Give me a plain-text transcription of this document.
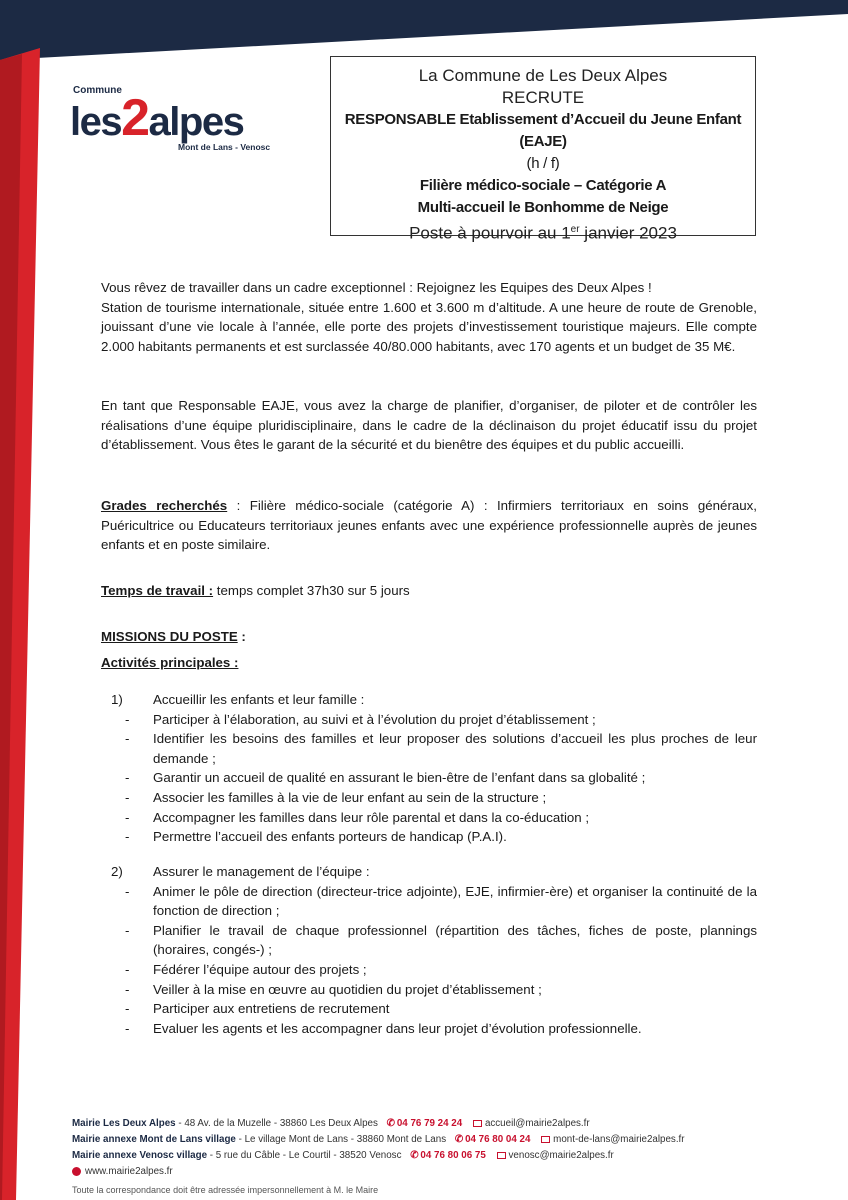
Commune
les2alpes
Mont de Lans - Venosc
La Commune de Les Deux Alpes
RECRUTE
RESPONSABLE Etablissement d’Accueil du Jeune Enfant (EAJE)
(h / f)
Filière médico-sociale – Catégorie A
Multi-accueil le Bonhomme de Neige
Poste à pourvoir au 1er janvier 2023
Vous rêvez de travailler dans un cadre exceptionnel : Rejoignez les Equipes des Deux Alpes !
Station de tourisme internationale, située entre 1.600 et 3.600 m d’altitude. A une heure de route de Grenoble, jouissant d’une vie locale à l’année, elle porte des projets d’investissement touristique majeurs. Elle compte 2.000 habitants permanents et est surclassée 40/80.000 habitants, avec 170 agents et un budget de 35 M€.
En tant que Responsable EAJE, vous avez la charge de planifier, d’organiser, de piloter et de contrôler les réalisations d’une équipe pluridisciplinaire, dans le cadre de la déclinaison du projet éducatif issu du projet d’établissement. Vous êtes le garant de la sécurité et du bienêtre des équipes et du public accueilli.
Grades recherchés : Filière médico-sociale (catégorie A) : Infirmiers territoriaux en soins généraux, Puéricultrice ou Educateurs territoriaux jeunes enfants avec une expérience professionnelle auprès de jeunes enfants et en poste similaire.
Temps de travail : temps complet 37h30 sur 5 jours
MISSIONS DU POSTE :
Activités principales :
1) Accueillir les enfants et leur famille :
- Participer à l’élaboration, au suivi et à l’évolution du projet d’établissement ;
- Identifier les besoins des familles et leur proposer des solutions d’accueil les plus proches de leur demande ;
- Garantir un accueil de qualité en assurant le bien-être de l’enfant dans sa globalité ;
- Associer les familles à la vie de leur enfant au sein de la structure ;
- Accompagner les familles dans leur rôle parental et dans la co-éducation ;
- Permettre l’accueil des enfants porteurs de handicap (P.A.I).
2) Assurer le management de l’équipe :
- Animer le pôle de direction (directeur-trice adjointe), EJE, infirmier-ère) et organiser la continuité de la fonction de direction ;
- Planifier le travail de chaque professionnel (répartition des tâches, fiches de poste, plannings (horaires, congés-) ;
- Fédérer l’équipe autour des projets ;
- Veiller à la mise en œuvre au quotidien du projet d’établissement ;
- Participer aux entretiens de recrutement
- Evaluer les agents et les accompagner dans leur projet d’évolution professionnelle.
Mairie Les Deux Alpes - 48 Av. de la Muzelle - 38860 Les Deux Alpes ✆ 04 76 79 24 24 accueil@mairie2alpes.fr
Mairie annexe Mont de Lans village - Le village Mont de Lans - 38860 Mont de Lans ✆ 04 76 80 04 24 mont-de-lans@mairie2alpes.fr
Mairie annexe Venosc village - 5 rue du Câble - Le Courtil - 38520 Venosc ✆ 04 76 80 06 75 venosc@mairie2alpes.fr
www.mairie2alpes.fr
Toute la correspondance doit être adressée impersonnellement à M. le Maire
